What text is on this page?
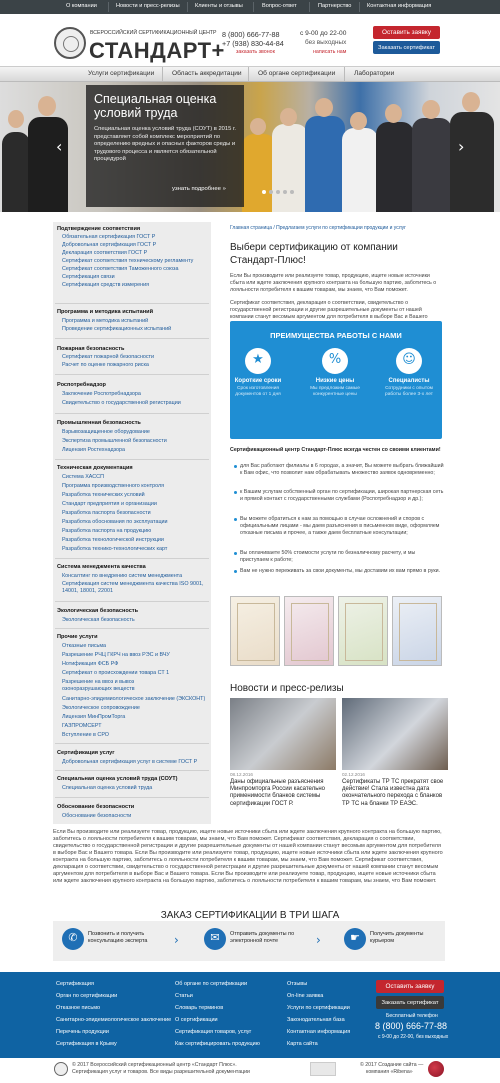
О компании	Новости и пресс-релизы	Клиенты и отзывы	Вопрос-ответ	Партнерство	Контактная информация
ВСЕРОССИЙСКИЙ СЕРТИФИКАЦИОННЫЙ ЦЕНТР
СТАНДАРТ+
8 (800) 666-77-88
+7 (938) 830-44-84
заказать звонок
с 9-00 до 22-00
без выходных
написать нам
Оставить заявку
Заказать сертификат
Услуги сертификации	Область аккредитации Об органе сертификации	Лаборатории
Специальная оценка условий труда
Специальная оценка условий труда (СОУТ) в 2015 г. представляет собой комплекс мероприятий по определению вредных и опасных факторов среды и трудового процесса и является обязательной процедурой
узнать подробнее »
‹	›
Подтверждение соответствия
Обязательная сертификация ГОСТ Р
Добровольная сертификация ГОСТ Р
Декларация соответствия ГОСТ Р
Сертификат соответствия техническому регламенту
Сертификат соответствия Таможенного союза
Сертификация связи
Сертификация средств измерения
Программа и методика испытаний
Программа и методика испытаний
Проведение сертификационных испытаний
Пожарная безопасность
Сертификат пожарной безопасности
Расчет по оценке пожарного риска
Роспотребнадзор
Заключение Роспотребнадзора
Свидетельство о государственной регистрации
Промышленная безопасность
Взрывозащищенное оборудование
Экспертиза промышленной безопасности
Лицензия Ростехнадзора
Техническая документация
Система ХАССП
Программа производственного контроля
Разработка технических условий
Стандарт предприятия и организации
Разработка паспорта безопасности
Разработка обоснования по эксплуатации
Разработка паспорта на продукцию
Разработка технологической инструкции
Разработка технико-технологических карт
Система менеджмента качества
Консалтинг по внедрению систем менеджмента
Сертификация систем менеджмента качества ISO 9001, 14001, 18001, 22001
Экологическая безопасность
Экологическая безопасность
Прочие услуги
Отказные письма
Разрешение РЧЦ ГКРЧ на ввоз РЭС и ВЧУ
Нотификация ФСБ РФ
Сертификат о происхождении товара СТ 1
Разрешение на ввоз и вывоз озоноразрушающих веществ
Санитарно-эпидемиологическое заключение (ЭКСКОНТ)
Экологическое сопровождение
Лицензия МинПромТорга
ГАЗПРОМСЕРТ
Вступление в СРО
Сертификация услуг
Добровольная сертификация услуг в системе ГОСТ Р
Специальная оценка условий труда (СОУТ)
Специальная оценка условий труда
Обоснование безопасности
Обоснование безопасности
Главная страница / Предлагаем услуги по сертификации продукции и услуг
Выбери сертификацию от компании Стандарт-Плюс!
Если Вы производите или реализуете товар, продукцию, ищете новые источники сбыта или ждете заключения крупного контракта на большую партию, заботитесь о лояльности потребителя к вашим товарам, мы знаем, что Вам поможет.
Сертификат соответствия, декларация о соответствии, свидетельство о государственной регистрации и другие разрешительные документы от нашей компании станут весомым аргументом для потребителя в выборе Вас и Вашего
ПРЕИМУЩЕСТВА РАБОТЫ С НАМИ
★	%	☺
Короткие сроки	Низкие цены	Специалисты
Срок изготовления документов от 1 дня
Мы предложим самые конкурентные цены
Сотрудники с опытом работы более 3-х лет
Сертификационный центр Стандарт-Плюс всегда честен со своими клиентами!
для Вас работают филиалы в 6 городах, а значит, Вы можете выбрать ближайший к Вам офис, что позволит нам обрабатывать множество заявок одновременно;
к Вашим услугам собственный орган по сертификации, широкая партнерская сеть и прямой контакт с государственными службами (Роспотребнадзор и др.);
Вы можете обратиться к нам за помощью в случае осложнений и споров с официальными лицами - мы даем разъяснения в письменном виде, оформляем отказные письма и прочее, а также даем бесплатные консультации;
Вы оплачиваете 50% стоимости услуги по безналичному расчету, и мы приступаем к работе;
Вам не нужно переживать за свои документы, мы доставим их вам прямо в руки.
Новости и пресс-релизы
08.12.2016	02.12.2016
Даны официальные разъяснения Минпромторга России касательно применимости бланков системы сертификации ГОСТ Р.
Сертификаты ТР ТС прекратят свое действие! Стала известна дата окончательного перехода с бланков ТР ТС на бланки ТР ЕАЭС.
Если Вы производите или реализуете товар, продукцию, ищете новые источники сбыта или ждете заключения крупного контракта на большую партию, заботитесь о лояльности потребителя к вашим товарам, мы знаем, что Вам поможет. Сертификат соответствия, декларация о соответствии, свидетельство о государственной регистрации и другие разрешительные документы от нашей компании станут весомым аргументом для потребителя в выборе Вас и Вашего товара. Если Вы производите или реализуете товар, продукцию, ищете новые источники сбыта или ждете заключения крупного контракта на большую партию, заботитесь о лояльности потребителя к вашим товарам, мы знаем, что Вам поможет. Сертификат соответствия, декларация о соответствии, свидетельство о государственной регистрации и другие разрешительные документы от нашей компании станут весомым аргументом для потребителя в выборе Вас и Вашего товара. Если Вы производите или реализуете товар, продукцию, ищете новые источники сбыта или ждете заключения крупного контракта на большую партию, заботитесь о лояльности потребителя к вашим товарам, мы знаем, что Вам поможет.
ЗАКАЗ СЕРТИФИКАЦИИ В ТРИ ШАГА
✆	Позвонить и получить консультацию эксперта	›	✉	Отправить документы по электронной почте	›	☛	Получить документы курьером
Сертификация
Орган по сертификации
Отказное письмо
Санитарно-эпидемиологическое заключение
Перечень продукции
Сертификация в Крыму
Об органе по сертификации
Статьи
Словарь терминов
О сертификации
Сертификация товаров, услуг
Как сертифицировать продукцию
Отзывы
On-line заявка
Услуги по сертификации
Законодательная база
Контактная информация
Карта сайта
Оставить заявку
Заказать сертификат
Бесплатный телефон
8 (800) 666-77-88
с 9-00 до 22-00, без выходных
© 2017 Всероссийский сертификационный центр «Стандарт Плюс».
Сертификация услуг и товаров. Все виды разрешительной документации
© 2017 Создание сайта —
компания «Ribena»
